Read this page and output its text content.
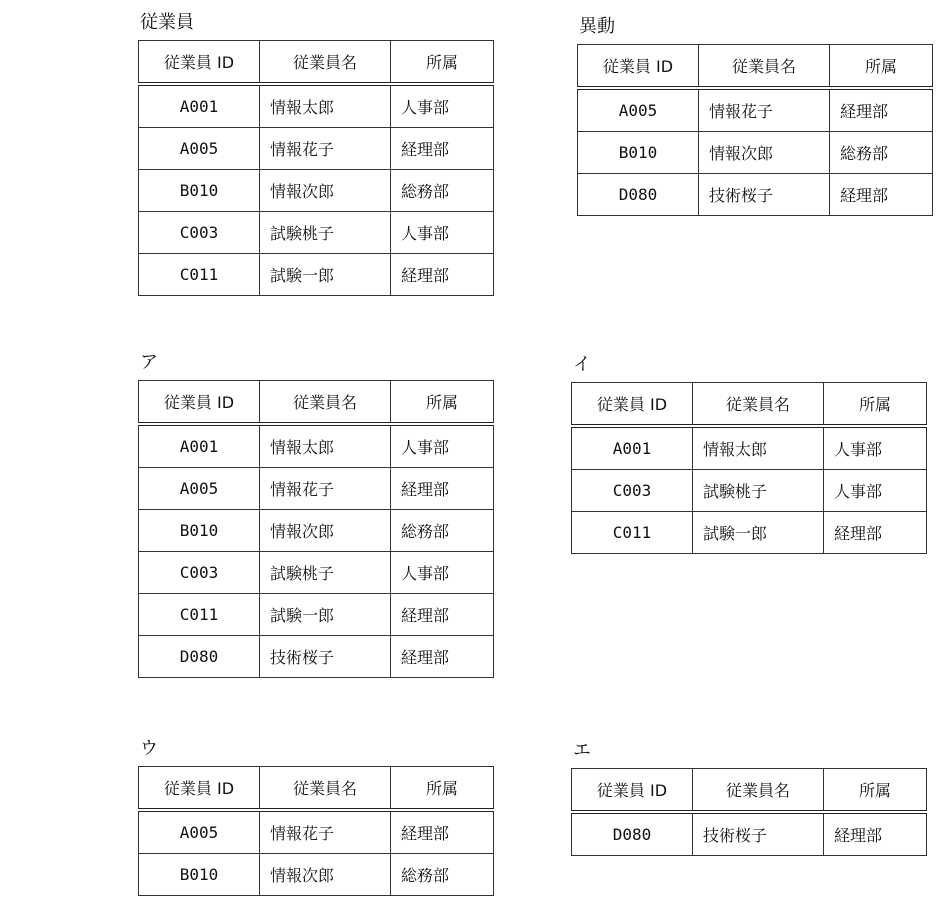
従業員
従業員 ID	従業員名	所属
A001	情報太郎	人事部
A005	情報花子	経理部
B010	情報次郎	総務部
C003	試験桃子	人事部
C011	試験一郎	経理部
異動
従業員 ID	従業員名	所属
A005	情報花子	経理部
B010	情報次郎	総務部
D080	技術桜子	経理部
ア
従業員 ID	従業員名	所属
A001	情報太郎	人事部
A005	情報花子	経理部
B010	情報次郎	総務部
C003	試験桃子	人事部
C011	試験一郎	経理部
D080	技術桜子	経理部
イ
従業員 ID	従業員名	所属
A001	情報太郎	人事部
C003	試験桃子	人事部
C011	試験一郎	経理部
ウ
従業員 ID	従業員名	所属
A005	情報花子	経理部
B010	情報次郎	総務部
エ
従業員 ID	従業員名	所属
D080	技術桜子	経理部
